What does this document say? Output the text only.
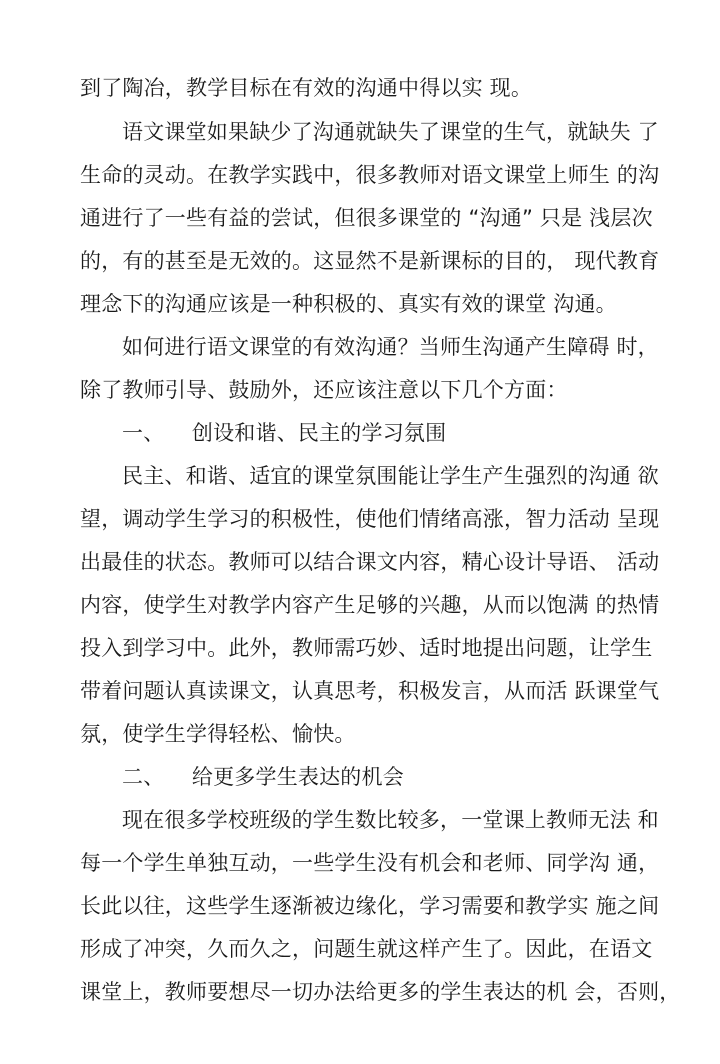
到了陶冶，教学目标在有效的沟通中得以实 现。
语文课堂如果缺少了沟通就缺失了课堂的生气，就缺失 了
生命的灵动。在教学实践中，很多教师对语文课堂上师生 的沟
通进行了一些有益的尝试，但很多课堂的 “沟通” 只是 浅层次
的，有的甚至是无效的。这显然不是新课标的目的， 现代教育
理念下的沟通应该是一种积极的、真实有效的课堂 沟通。
如何进行语文课堂的有效沟通？当师生沟通产生障碍 时，
除了教师引导、鼓励外，还应该注意以下几个方面：
一、    创设和谐、民主的学习氛围
民主、和谐、适宜的课堂氛围能让学生产生强烈的沟通 欲
望，调动学生学习的积极性，使他们情绪高涨，智力活动 呈现
出最佳的状态。教师可以结合课文内容，精心设计导语、 活动
内容，使学生对教学内容产生足够的兴趣，从而以饱满 的热情
投入到学习中。此外，教师需巧妙、适时地提出问题，让学生
带着问题认真读课文，认真思考，积极发言，从而活 跃课堂气
氛，使学生学得轻松、愉快。
二、    给更多学生表达的机会
现在很多学校班级的学生数比较多，一堂课上教师无法 和
每一个学生单独互动，一些学生没有机会和老师、同学沟 通，
长此以往，这些学生逐渐被边缘化，学习需要和教学实 施之间
形成了冲突，久而久之，问题生就这样产生了。因此，在语文
课堂上，教师要想尽一切办法给更多的学生表达的机 会，否则，
